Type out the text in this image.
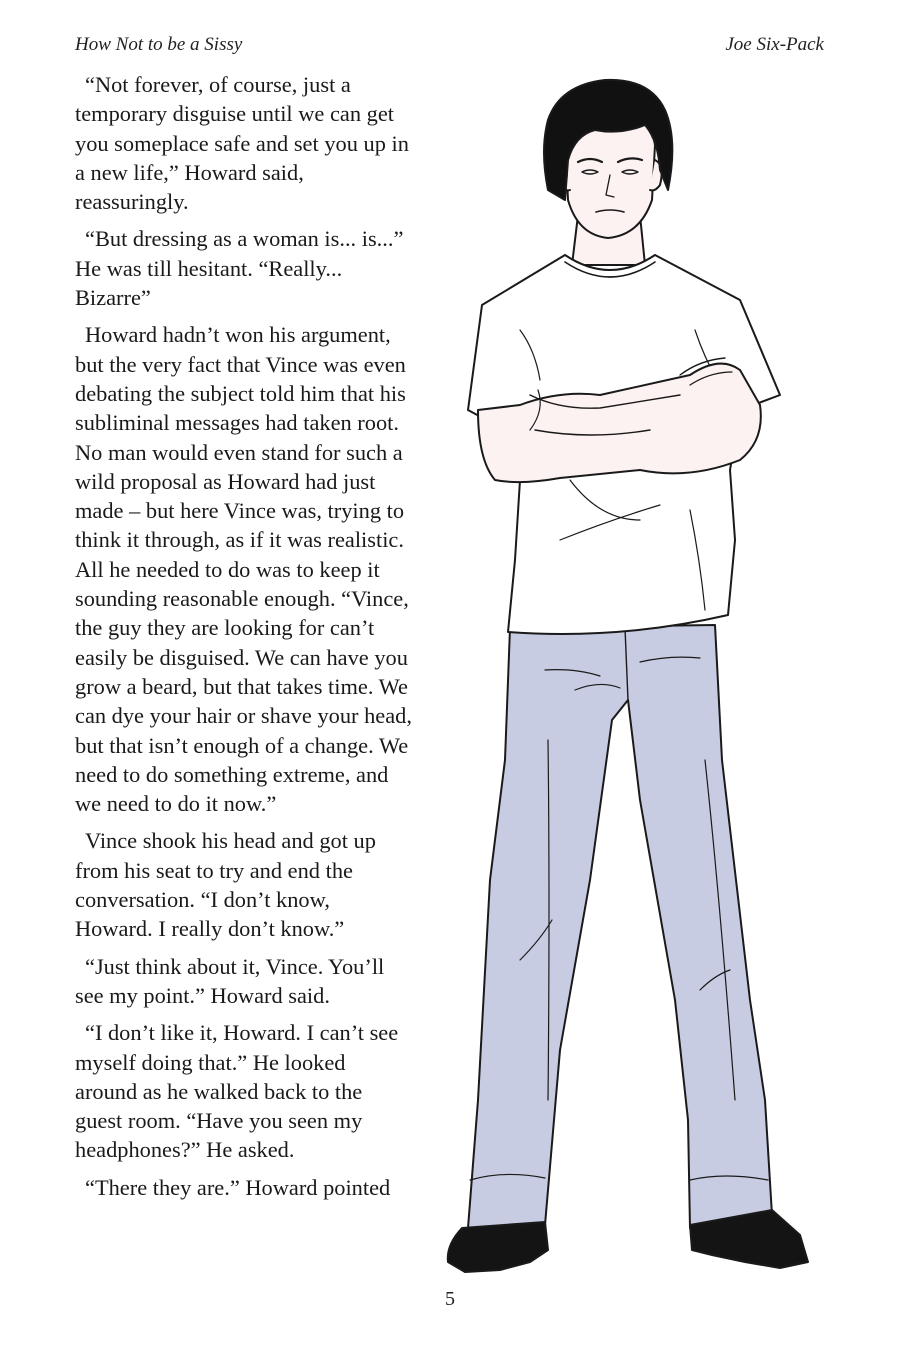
How Not to be a Sissy	Joe Six-Pack

“Not forever, of course, just a temporary disguise until we can get you someplace safe and set you up in a new life,” Howard said, reassuringly.

“But dressing as a woman is... is...” He was till hesitant. “Really... Bizarre”

Howard hadn’t won his argument, but the very fact that Vince was even debating the subject told him that his subliminal messages had taken root. No man would even stand for such a wild proposal as Howard had just made – but here Vince was, trying to think it through, as if it was realistic. All he needed to do was to keep it sounding reasonable enough. “Vince, the guy they are looking for can’t easily be disguised. We can have you grow a beard, but that takes time. We can dye your hair or shave your head, but that isn’t enough of a change. We need to do something extreme, and we need to do it now.”

Vince shook his head and got up from his seat to try and end the conversation. “I don’t know, Howard. I really don’t know.”

“Just think about it, Vince. You’ll see my point.” Howard said.

“I don’t like it, Howard. I can’t see myself doing that.” He looked around as he walked back to the guest room. “Have you seen my headphones?” He asked.

“There they are.” Howard pointed

5
